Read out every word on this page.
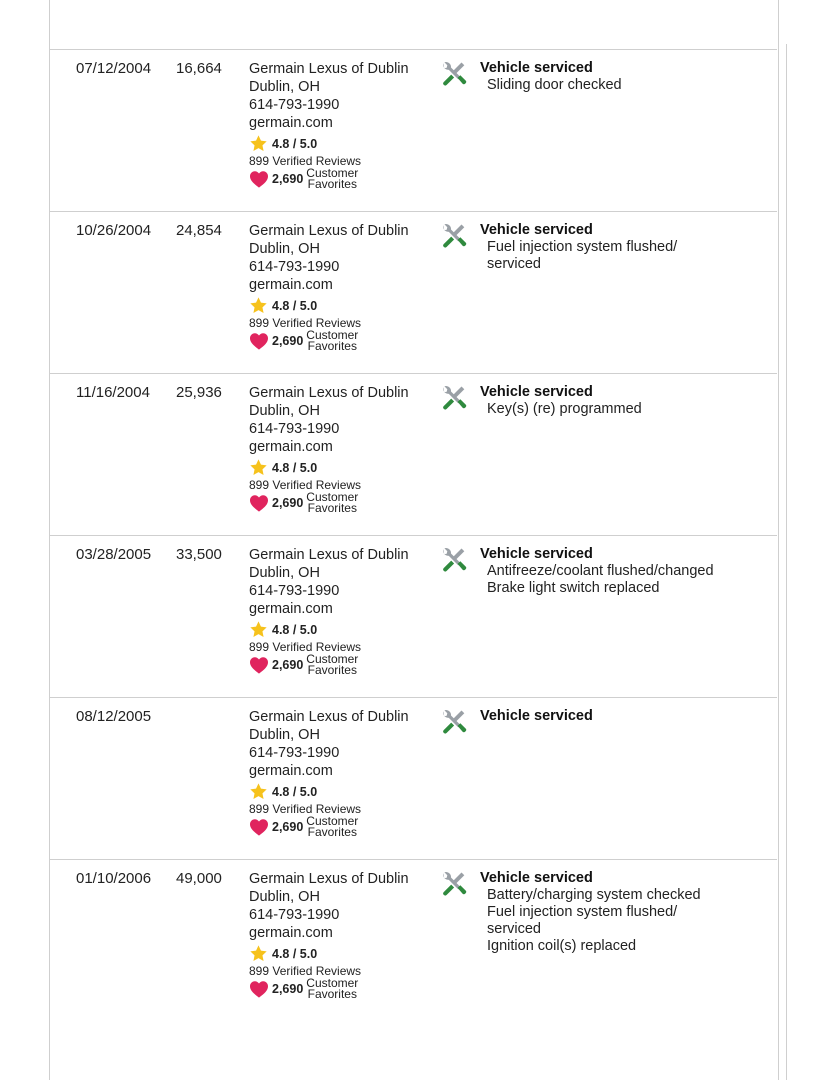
07/12/2004 16,664 Germain Lexus of Dublin
Dublin, OH
614-793-1990
germain.com
4.8 / 5.0
899 Verified Reviews
2,690 Customer
Favorites
Vehicle serviced
Sliding door checked
10/26/2004 24,854 Germain Lexus of Dublin
Dublin, OH
614-793-1990
germain.com
4.8 / 5.0
899 Verified Reviews
2,690 Customer
Favorites
Vehicle serviced
Fuel injection system flushed/
serviced
11/16/2004 25,936 Germain Lexus of Dublin
Dublin, OH
614-793-1990
germain.com
4.8 / 5.0
899 Verified Reviews
2,690 Customer
Favorites
Vehicle serviced
Key(s) (re) programmed
03/28/2005 33,500 Germain Lexus of Dublin
Dublin, OH
614-793-1990
germain.com
4.8 / 5.0
899 Verified Reviews
2,690 Customer
Favorites
Vehicle serviced
Antifreeze/coolant flushed/changed
Brake light switch replaced
08/12/2005	Germain Lexus of Dublin
Dublin, OH
614-793-1990
germain.com
4.8 / 5.0
899 Verified Reviews
2,690 Customer
Favorites
Vehicle serviced
01/10/2006 49,000 Germain Lexus of Dublin
Dublin, OH
614-793-1990
germain.com
4.8 / 5.0
899 Verified Reviews
2,690 Customer
Favorites
Vehicle serviced
Battery/charging system checked
Fuel injection system flushed/
serviced
Ignition coil(s) replaced
